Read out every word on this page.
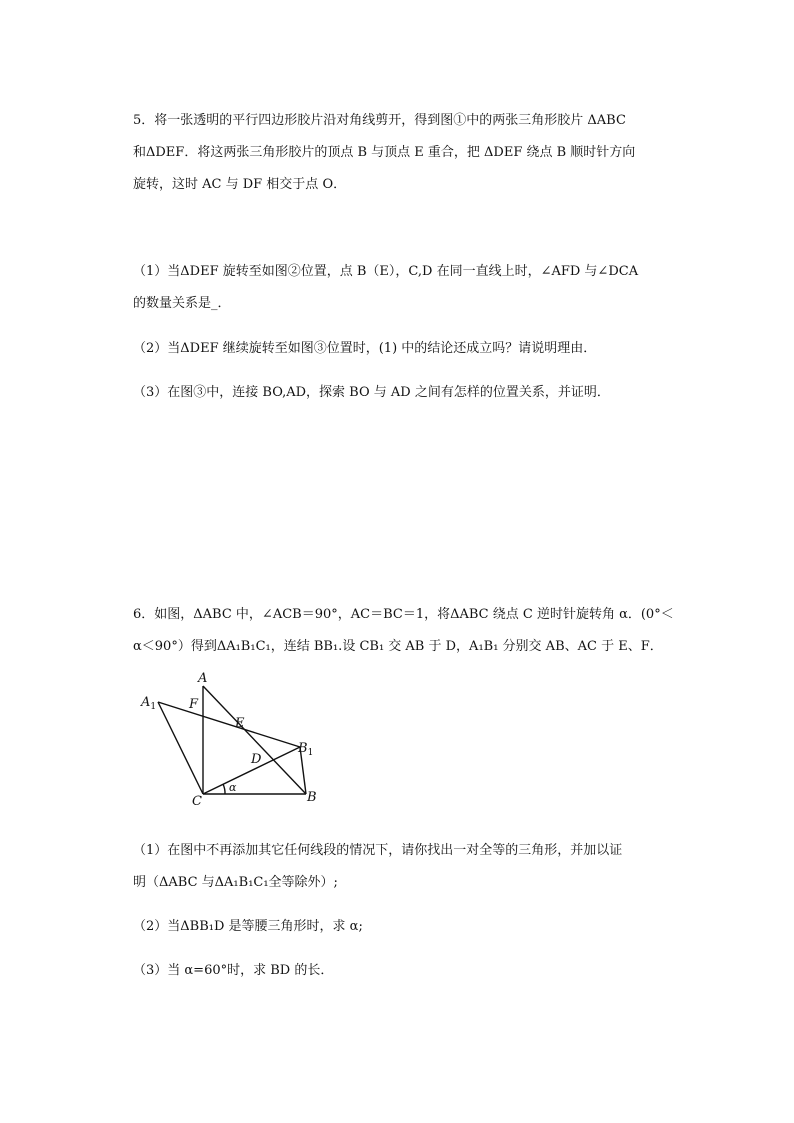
5．将一张透明的平行四边形胶片沿对角线剪开，得到图①中的两张三角形胶片 ΔABC
和ΔDEF．将这两张三角形胶片的顶点 B 与顶点 E 重合，把 ΔDEF 绕点 B 顺时针方向
旋转，这时 AC 与 DF 相交于点 O．
（1）当ΔDEF 旋转至如图②位置，点 B（E），C,D 在同一直线上时，∠AFD 与∠DCA
的数量关系是_．
（2）当ΔDEF 继续旋转至如图③位置时，(1) 中的结论还成立吗？请说明理由．
（3）在图③中，连接 BO,AD，探索 BO 与 AD 之间有怎样的位置关系，并证明．
6．如图，ΔABC 中，∠ACB＝90°，AC＝BC＝1，将ΔABC 绕点 C 逆时针旋转角 α．(0°＜
α＜90°）得到ΔA₁B₁C₁，连结 BB₁.设 CB₁ 交 AB 于 D，A₁B₁ 分别交 AB、AC 于 E、F．
A
$A_1$	F
E
$B_1$
D
C	B
α
（1）在图中不再添加其它任何线段的情况下，请你找出一对全等的三角形，并加以证
明（ΔABC 与ΔA₁B₁C₁全等除外）;
（2）当ΔBB₁D 是等腰三角形时，求 α;
（3）当 α=60°时，求 BD 的长．
